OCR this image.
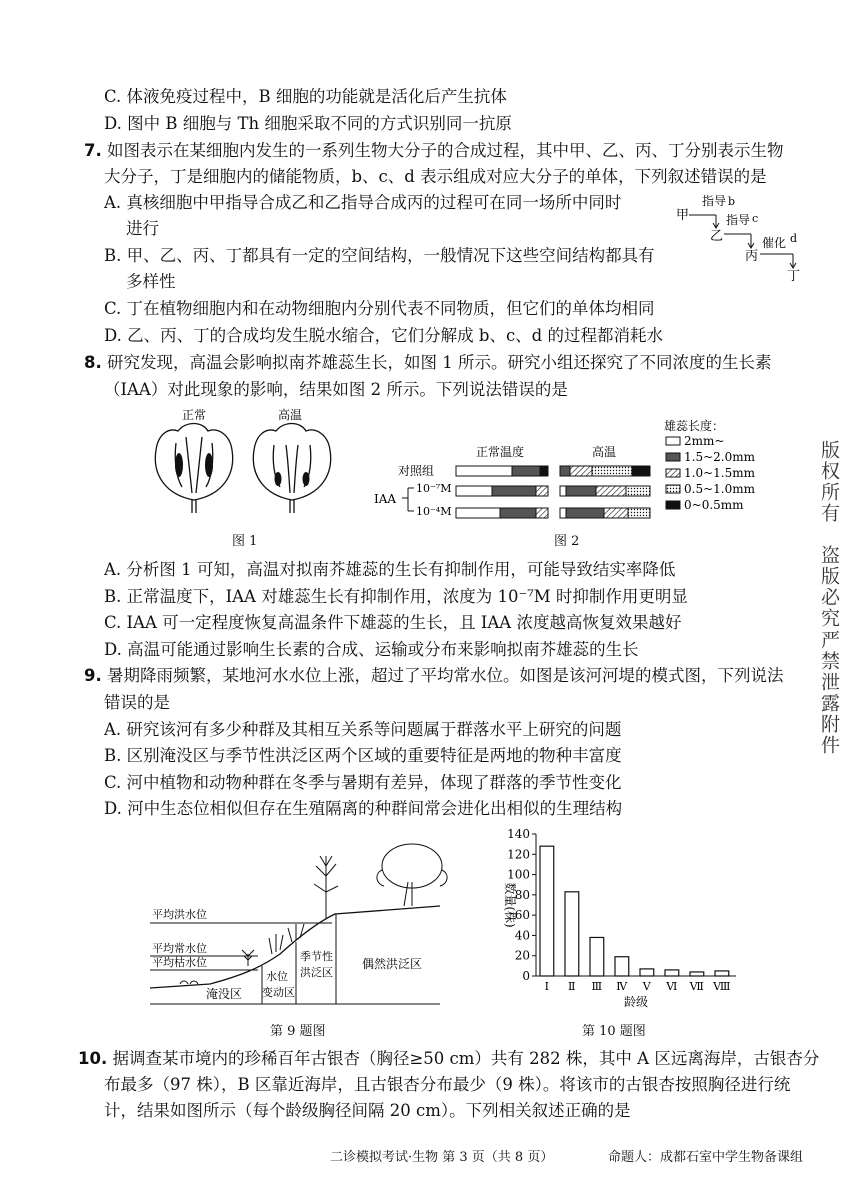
C. 体液免疫过程中，B 细胞的功能就是活化后产生抗体
D. 图中 B 细胞与 Th 细胞采取不同的方式识别同一抗原
7. 如图表示在某细胞内发生的一系列生物大分子的合成过程，其中甲、乙、丙、丁分别表示生物
大分子，丁是细胞内的储能物质，b、c、d 表示组成对应大分子的单体，下列叙述错误的是
A. 真核细胞中甲指导合成乙和乙指导合成丙的过程可在同一场所中同时
进行
B. 甲、乙、丙、丁都具有一定的空间结构，一般情况下这些空间结构都具有
多样性
C. 丁在植物细胞内和在动物细胞内分别代表不同物质，但它们的单体均相同
D. 乙、丙、丁的合成均发生脱水缩合，它们分解成 b、c、d 的过程都消耗水
甲
指导 b
乙
指导 c
丙
催化 d
丁
8. 研究发现，高温会影响拟南芥雄蕊生长，如图 1 所示。研究小组还探究了不同浓度的生长素
（IAA）对此现象的影响，结果如图 2 所示。下列说法错误的是
正常	高温
图 1
正常温度	高温
对照组
IAA
10⁻⁷M
10⁻⁴M
雄蕊长度：
2mm~
1.5~2.0mm
1.0~1.5mm
0.5~1.0mm
0~0.5mm
图 2
A. 分析图 1 可知，高温对拟南芥雄蕊的生长有抑制作用，可能导致结实率降低
B. 正常温度下，IAA 对雄蕊生长有抑制作用，浓度为 10⁻⁷M 时抑制作用更明显
C. IAA 可一定程度恢复高温条件下雄蕊的生长，且 IAA 浓度越高恢复效果越好
D. 高温可能通过影响生长素的合成、运输或分布来影响拟南芥雄蕊的生长
9. 暑期降雨频繁，某地河水水位上涨，超过了平均常水位。如图是该河河堤的模式图，下列说法
错误的是
A. 研究该河有多少种群及其相互关系等问题属于群落水平上研究的问题
B. 区别淹没区与季节性洪泛区两个区域的重要特征是两地的物种丰富度
C. 河中植物和动物种群在冬季与暑期有差异，体现了群落的季节性变化
D. 河中生态位相似但存在生殖隔离的种群间常会进化出相似的生理结构
平均洪水位
平均常水位
平均枯水位
淹没区
水位
变动区
季节性
洪泛区
偶然洪泛区
第 9 题图
0
20
40
60
80
100
120
140
Ⅰ Ⅱ Ⅲ Ⅳ Ⅴ Ⅵ Ⅶ Ⅷ
数量(株)
龄级
第 10 题图
10. 据调查某市境内的珍稀百年古银杏（胸径≥50 cm）共有 282 株，其中 A 区远离海岸，古银杏分
布最多（97 株），B 区靠近海岸，且古银杏分布最少（9 株）。将该市的古银杏按照胸径进行统
计，结果如图所示（每个龄级胸径间隔 20 cm）。下列相关叙述正确的是
二诊模拟考试·生物 第 3 页（共 8 页）	命题人：成都石室中学生物备课组
版权所有
盗版必究
严禁泄露附件
